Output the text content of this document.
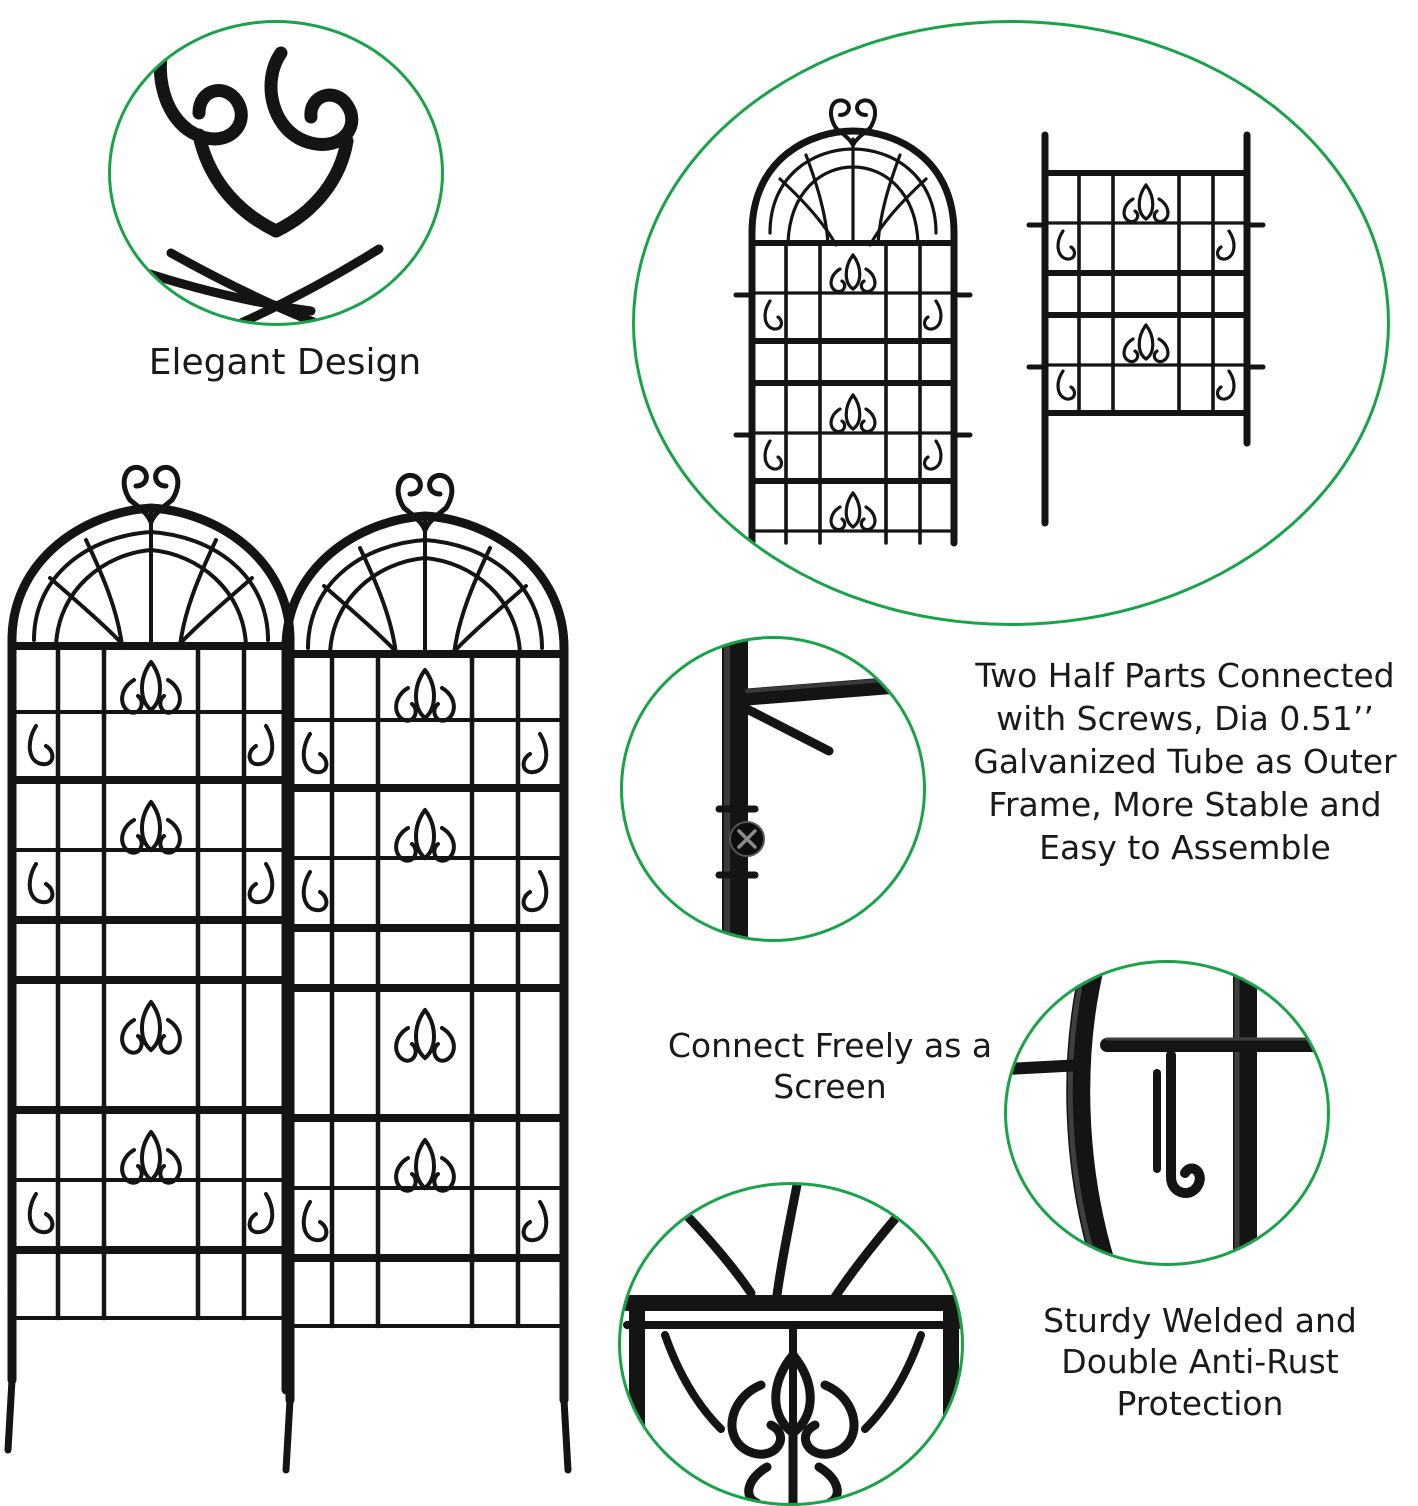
Elegant Design
Two Half Parts Connected with Screws, Dia 0.51’’ Galvanized Tube as Outer Frame, More Stable and Easy to Assemble
Connect Freely as a Screen
Sturdy Welded and Double Anti-Rust Protection
